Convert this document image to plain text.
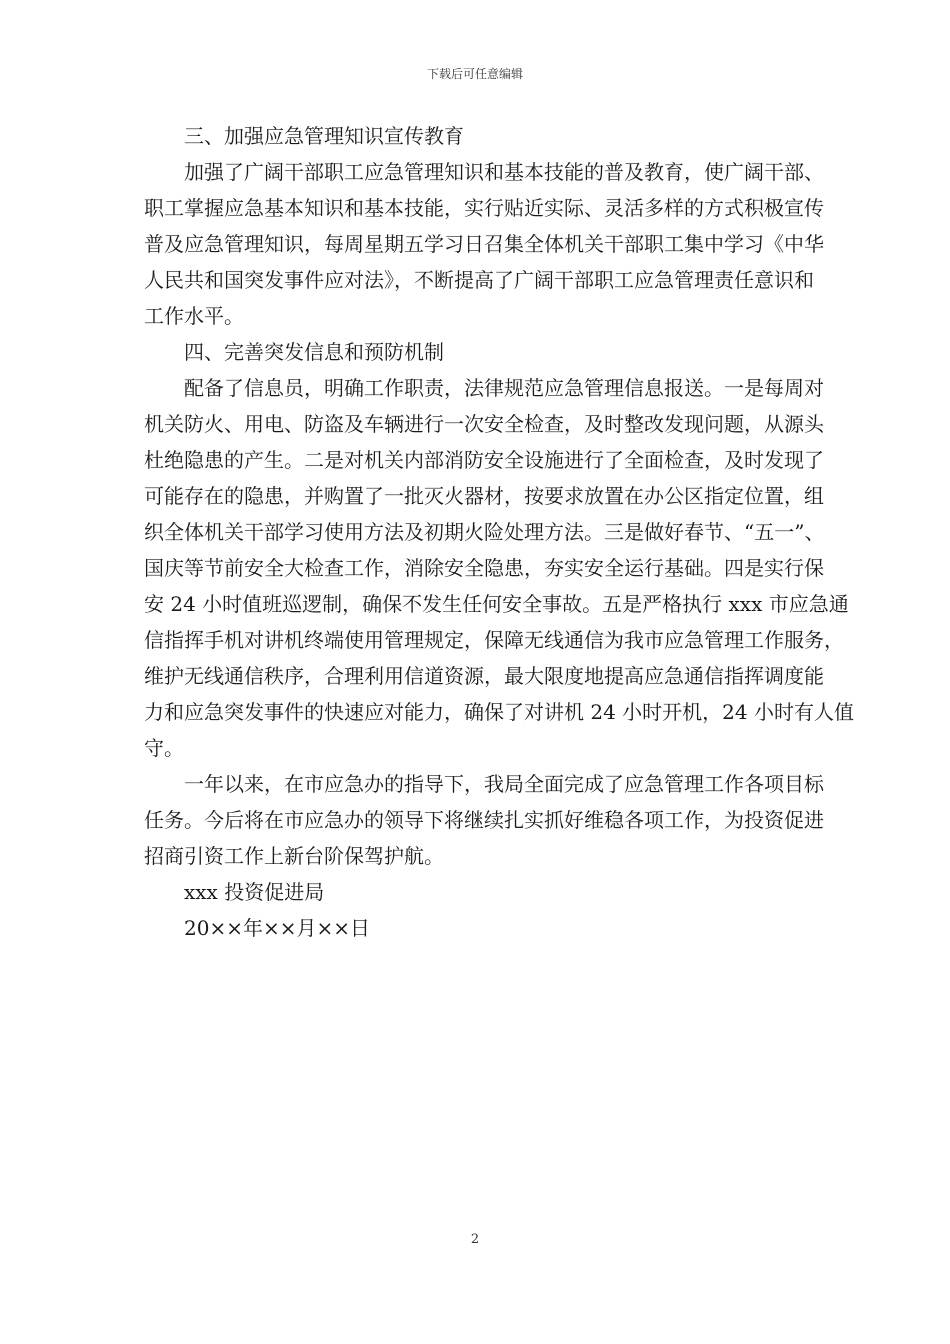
下载后可任意编辑
三、加强应急管理知识宣传教育
加强了广阔干部职工应急管理知识和基本技能的普及教育，使广阔干部、
职工掌握应急基本知识和基本技能，实行贴近实际、灵活多样的方式积极宣传
普及应急管理知识，每周星期五学习日召集全体机关干部职工集中学习《中华
人民共和国突发事件应对法》，不断提高了广阔干部职工应急管理责任意识和
工作水平。
四、完善突发信息和预防机制
配备了信息员，明确工作职责，法律规范应急管理信息报送。一是每周对
机关防火、用电、防盗及车辆进行一次安全检查，及时整改发现问题，从源头
杜绝隐患的产生。二是对机关内部消防安全设施进行了全面检查，及时发现了
可能存在的隐患，并购置了一批灭火器材，按要求放置在办公区指定位置，组
织全体机关干部学习使用方法及初期火险处理方法。三是做好春节、“五一”、
国庆等节前安全大检查工作，消除安全隐患，夯实安全运行基础。四是实行保
安 24 小时值班巡逻制，确保不发生任何安全事故。五是严格执行 xxx 市应急通
信指挥手机对讲机终端使用管理规定，保障无线通信为我市应急管理工作服务，
维护无线通信秩序，合理利用信道资源，最大限度地提高应急通信指挥调度能
力和应急突发事件的快速应对能力，确保了对讲机 24 小时开机，24 小时有人值
守。
一年以来，在市应急办的指导下，我局全面完成了应急管理工作各项目标
任务。今后将在市应急办的领导下将继续扎实抓好维稳各项工作，为投资促进
招商引资工作上新台阶保驾护航。
xxx 投资促进局
20××年××月××日
2
